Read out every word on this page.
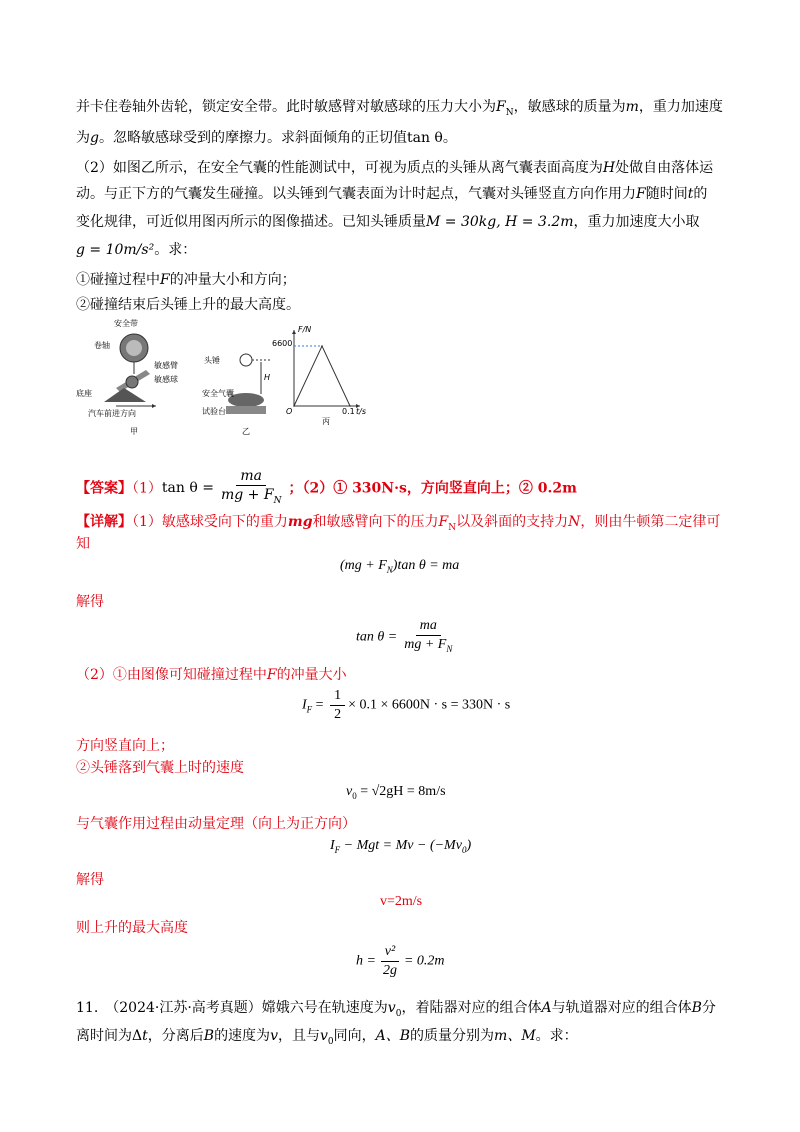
并卡住卷轴外齿轮，锁定安全带。此时敏感臂对敏感球的压力大小为$F_N$，敏感球的质量为m，重力加速度
为g。忽略敏感球受到的摩擦力。求斜面倾角的正切值tan θ。
（2）如图乙所示，在安全气囊的性能测试中，可视为质点的头锤从离气囊表面高度为H处做自由落体运
动。与正下方的气囊发生碰撞。以头锤到气囊表面为计时起点，气囊对头锤竖直方向作用力F随时间t的
变化规律，可近似用图丙所示的图像描述。已知头锤质量M = 30kg, H = 3.2m，重力加速度大小取
g = 10m/s²。求：
①碰撞过程中F的冲量大小和方向；
②碰撞结束后头锤上升的最大高度。
安全带
卷轴
敏感臂
敏感球
底座
汽车前进方向
甲
头锤
H
安全气囊
试验台
乙
F/N
6600
O	0.1 t/s
丙
【答案】（1）tan $\theta = \frac{ma}{mg + F_N}$ ；（2）① 330N·s，方向竖直向上；② 0.2m
【详解】（1）敏感球受向下的重力mg和敏感臂向下的压力$F_N$以及斜面的支持力N，则由牛顿第二定律可
知
$(mg + F_N)\tan$ θ = ma
解得
$\tan \theta = \frac{ma}{mg + F_N}$
（2）①由图像可知碰撞过程中F的冲量大小
$I_F = \frac{1}{2} \times 0.1 \times 6600N \cdot s = 330N \cdot s$
方向竖直向上；
②头锤落到气囊上时的速度
$v_0 = √2gH = 8m/s$
与气囊作用过程由动量定理（向上为正方向）
$I_F$ − Mgt = $Mv - (-Mv_0)$
解得
v=2m/s
则上升的最大高度
$h = \frac{\text{v²}}{2g} = 0.2m$
11.　（2024·江苏·高考真题）嫦娥六号在轨速度为$v_0$，着陆器对应的组合体A与轨道器对应的组合体B分
离时间为Δt，分离后B的速度为v，且与$v_0$同向，A、B的质量分别为m、M。求：
